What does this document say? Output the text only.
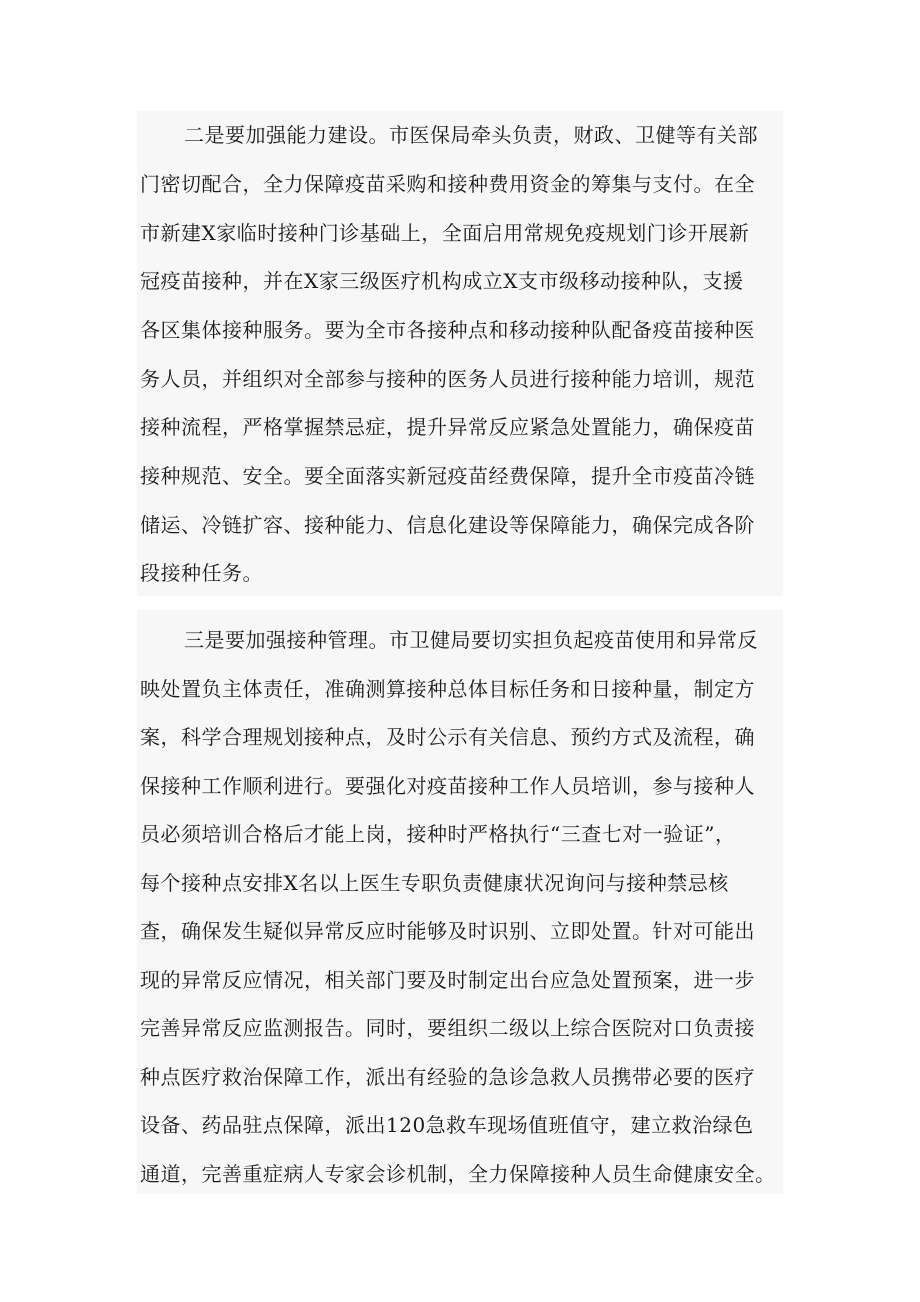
二是要加强能力建设。市医保局牵头负责，财政、卫健等有关部
门密切配合，全力保障疫苗采购和接种费用资金的筹集与支付。在全
市新建X家临时接种门诊基础上，全面启用常规免疫规划门诊开展新
冠疫苗接种，并在X家三级医疗机构成立X支市级移动接种队，支援
各区集体接种服务。要为全市各接种点和移动接种队配备疫苗接种医
务人员，并组织对全部参与接种的医务人员进行接种能力培训，规范
接种流程，严格掌握禁忌症，提升异常反应紧急处置能力，确保疫苗
接种规范、安全。要全面落实新冠疫苗经费保障，提升全市疫苗冷链
储运、冷链扩容、接种能力、信息化建设等保障能力，确保完成各阶
段接种任务。
三是要加强接种管理。市卫健局要切实担负起疫苗使用和异常反
映处置负主体责任，准确测算接种总体目标任务和日接种量，制定方
案，科学合理规划接种点，及时公示有关信息、预约方式及流程，确
保接种工作顺利进行。要强化对疫苗接种工作人员培训，参与接种人
员必须培训合格后才能上岗，接种时严格执行“三查七对一验证”，
每个接种点安排X名以上医生专职负责健康状况询问与接种禁忌核
查，确保发生疑似异常反应时能够及时识别、立即处置。针对可能出
现的异常反应情况，相关部门要及时制定出台应急处置预案，进一步
完善异常反应监测报告。同时，要组织二级以上综合医院对口负责接
种点医疗救治保障工作，派出有经验的急诊急救人员携带必要的医疗
设备、药品驻点保障，派出120急救车现场值班值守，建立救治绿色
通道，完善重症病人专家会诊机制，全力保障接种人员生命健康安全。
